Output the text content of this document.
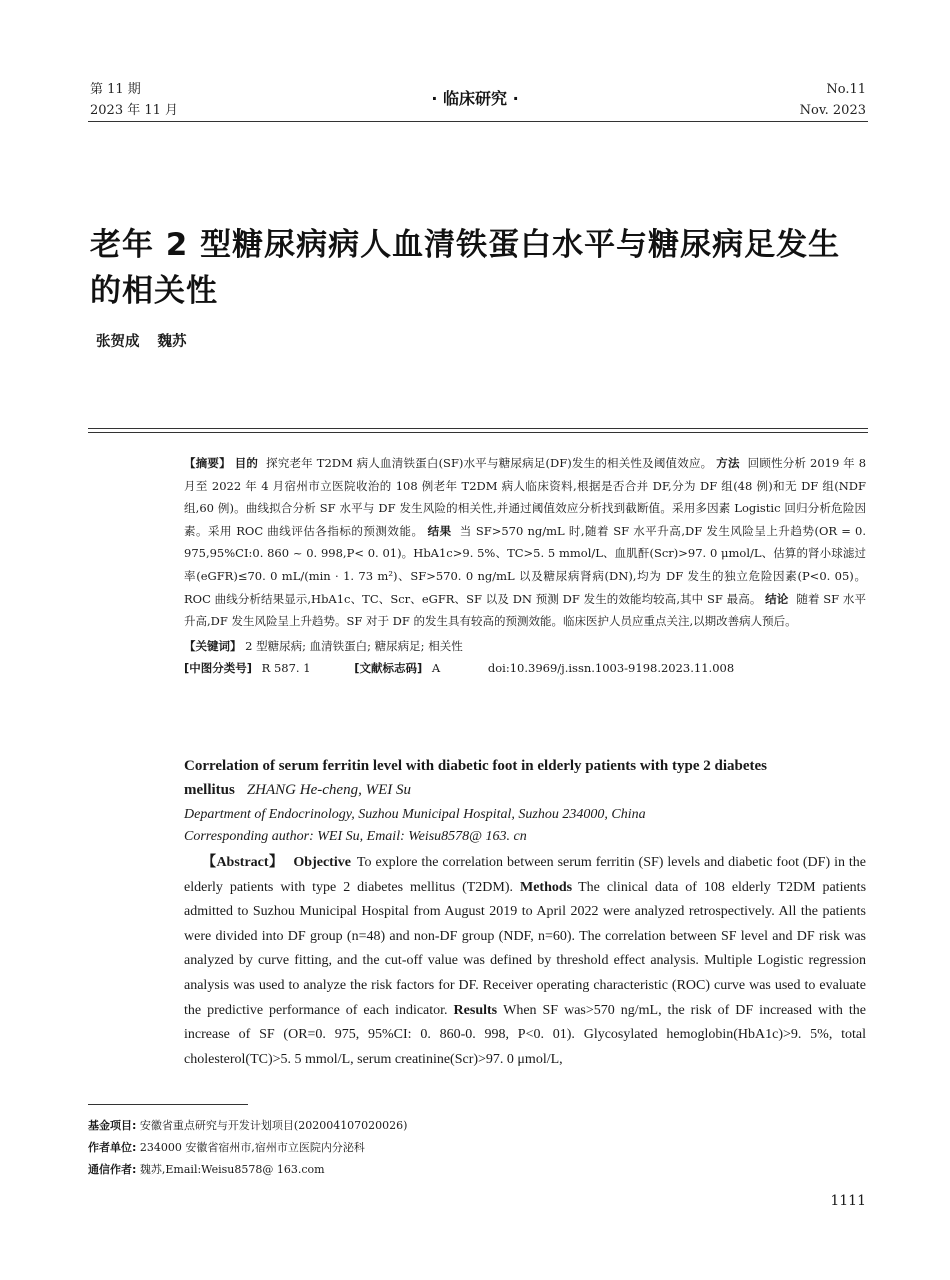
第 11 期
2023 年 11 月
· 临床研究 ·	No.11
Nov. 2023
老年 2 型糖尿病病人血清铁蛋白水平与糖尿病足发生的相关性
张贺成 魏苏
【摘要】 目的 探究老年 T2DM 病人血清铁蛋白(SF)水平与糖尿病足(DF)发生的相关性及阈值效应。 方法 回顾性分析 2019 年 8 月至 2022 年 4 月宿州市立医院收治的 108 例老年 T2DM 病人临床资料,根据是否合并 DF,分为 DF 组(48 例)和无 DF 组(NDF 组,60 例)。曲线拟合分析 SF 水平与 DF 发生风险的相关性,并通过阈值效应分析找到截断值。采用多因素 Logistic 回归分析危险因素。采用 ROC 曲线评估各指标的预测效能。 结果 当 SF>570 ng/mL 时,随着 SF 水平升高,DF 发生风险呈上升趋势(OR = 0. 975,95%CI:0. 860 ~ 0. 998,P< 0. 01)。HbA1c>9. 5%、TC>5. 5 mmol/L、血肌酐(Scr)>97. 0 μmol/L、估算的肾小球滤过率(eGFR)≤70. 0 mL/(min · 1. 73 m²)、SF>570. 0 ng/mL 以及糖尿病肾病(DN),均为 DF 发生的独立危险因素(P<0. 05)。ROC 曲线分析结果显示,HbA1c、TC、Scr、eGFR、SF 以及 DN 预测 DF 发生的效能均较高,其中 SF 最高。 结论 随着 SF 水平升高,DF 发生风险呈上升趋势。SF 对于 DF 的发生具有较高的预测效能。临床医护人员应重点关注,以期改善病人预后。
【关键词】 2 型糖尿病; 血清铁蛋白; 糖尿病足; 相关性
[中图分类号] R 587. 1	[文献标志码] A	doi:10.3969/j.issn.1003-9198.2023.11.008
Correlation of serum ferritin level with diabetic foot in elderly patients with type 2 diabetes mellitus ZHANG He-cheng, WEI Su
Department of Endocrinology, Suzhou Municipal Hospital, Suzhou 234000, China
Corresponding author: WEI Su, Email: Weisu8578@ 163. cn
【Abstract】 Objective To explore the correlation between serum ferritin (SF) levels and diabetic foot (DF) in the elderly patients with type 2 diabetes mellitus (T2DM). Methods The clinical data of 108 elderly T2DM patients admitted to Suzhou Municipal Hospital from August 2019 to April 2022 were analyzed retrospectively. All the patients were divided into DF group (n=48) and non-DF group (NDF, n=60). The correlation between SF level and DF risk was analyzed by curve fitting, and the cut-off value was defined by threshold effect analysis. Multiple Logistic regression analysis was used to analyze the risk factors for DF. Receiver operating characteristic (ROC) curve was used to evaluate the predictive performance of each indicator. Results When SF was>570 ng/mL, the risk of DF increased with the increase of SF (OR=0. 975, 95%CI: 0. 860-0. 998, P<0. 01). Glycosylated hemoglobin(HbA1c)>9. 5%, total cholesterol(TC)>5. 5 mmol/L, serum creatinine(Scr)>97. 0 μmol/L,
基金项目: 安徽省重点研究与开发计划项目(202004107020026)
作者单位: 234000 安徽省宿州市,宿州市立医院内分泌科
通信作者: 魏苏,Email:Weisu8578@ 163.com
1111
